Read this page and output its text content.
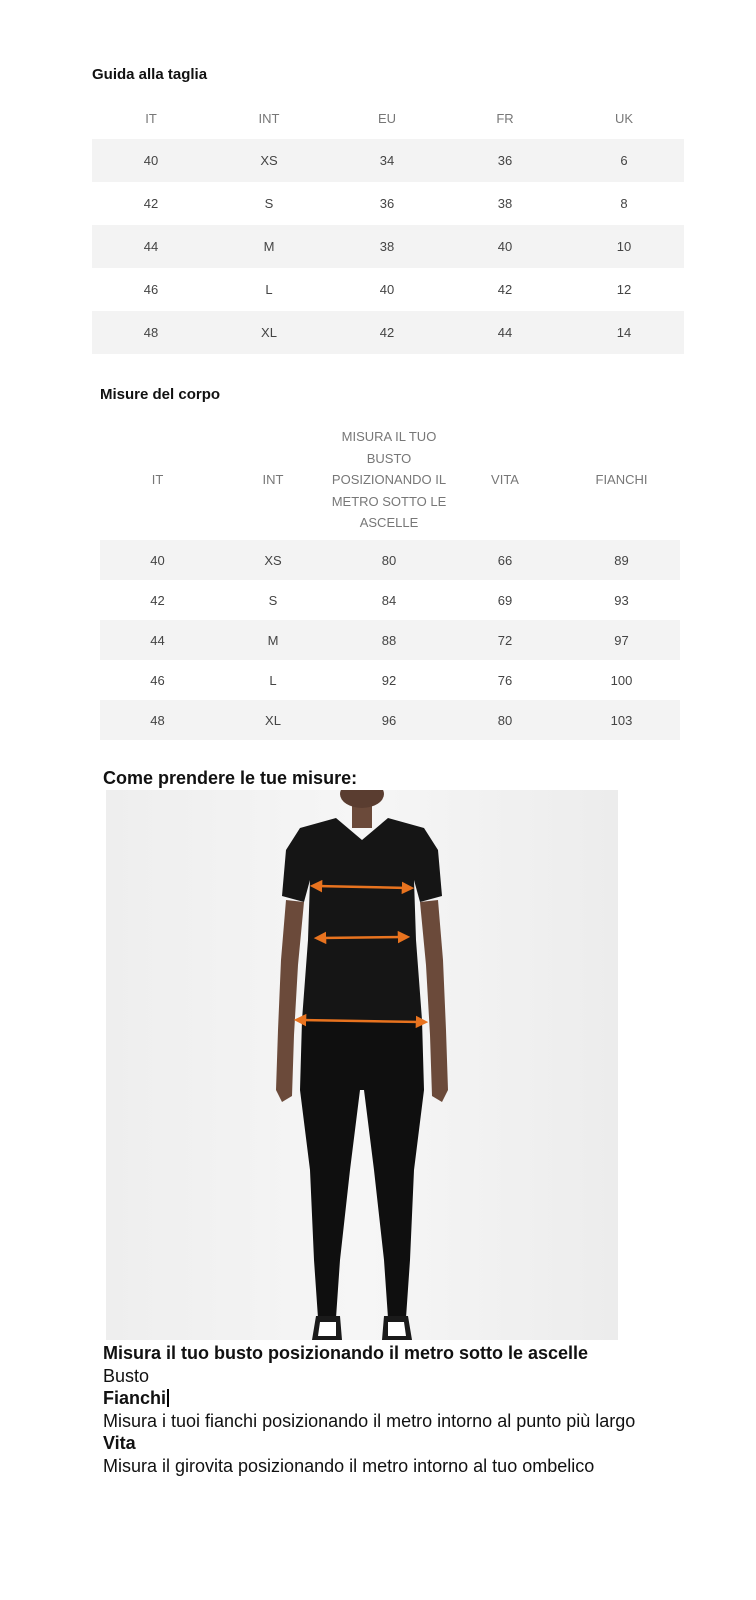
Guida alla taglia
IT	INT	EU	FR	UK
40	XS	34	36	6
42	S	36	38	8
44	M	38	40	10
46	L	40	42	12
48	XL	42	44	14
Misure del corpo
IT	INT	MISURA IL TUO BUSTO POSIZIONANDO IL METRO SOTTO LE ASCELLE	VITA	FIANCHI
40	XS	80	66	89
42	S	84	69	93
44	M	88	72	97
46	L	92	76	100
48	XL	96	80	103
Come prendere le tue misure:
Misura il tuo busto posizionando il metro sotto le ascelle
Busto
Fianchi
Misura i tuoi fianchi posizionando il metro intorno al punto più largo
Vita
Misura il girovita posizionando il metro intorno al tuo ombelico
